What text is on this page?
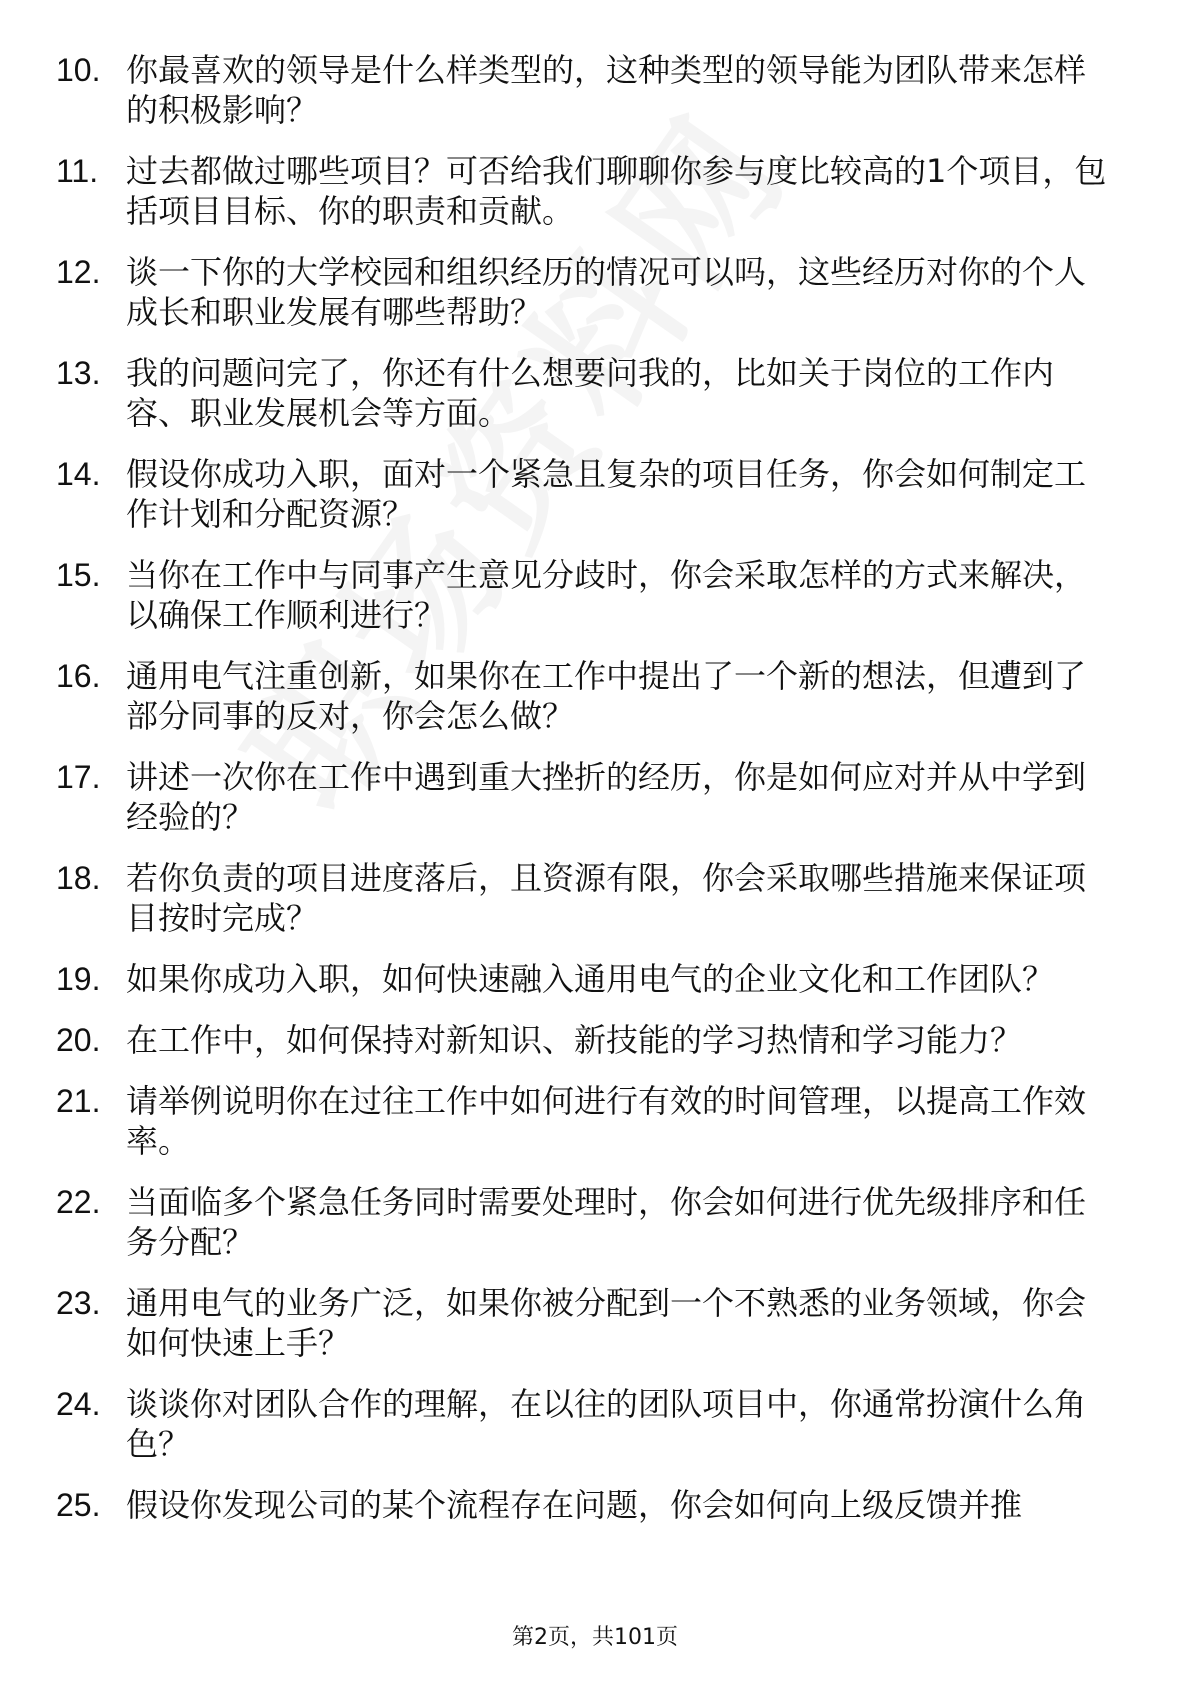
10. 你最喜欢的领导是什么样类型的，这种类型的领导能为团队带来怎样的积极影响？
11. 过去都做过哪些项目？可否给我们聊聊你参与度比较高的1个项目，包括项目目标、你的职责和贡献。
12. 谈一下你的大学校园和组织经历的情况可以吗，这些经历对你的个人成长和职业发展有哪些帮助？
13. 我的问题问完了，你还有什么想要问我的，比如关于岗位的工作内容、职业发展机会等方面。
14. 假设你成功入职，面对一个紧急且复杂的项目任务，你会如何制定工作计划和分配资源？
15. 当你在工作中与同事产生意见分歧时，你会采取怎样的方式来解决，以确保工作顺利进行？
16. 通用电气注重创新，如果你在工作中提出了一个新的想法，但遭到了部分同事的反对，你会怎么做？
17. 讲述一次你在工作中遇到重大挫折的经历，你是如何应对并从中学到经验的？
18. 若你负责的项目进度落后，且资源有限，你会采取哪些措施来保证项目按时完成？
19. 如果你成功入职，如何快速融入通用电气的企业文化和工作团队？
20. 在工作中，如何保持对新知识、新技能的学习热情和学习能力？
21. 请举例说明你在过往工作中如何进行有效的时间管理，以提高工作效率。
22. 当面临多个紧急任务同时需要处理时，你会如何进行优先级排序和任务分配？
23. 通用电气的业务广泛，如果你被分配到一个不熟悉的业务领域，你会如何快速上手？
24. 谈谈你对团队合作的理解，在以往的团队项目中，你通常扮演什么角色？
25. 假设你发现公司的某个流程存在问题，你会如何向上级反馈并推
第2页，共101页
